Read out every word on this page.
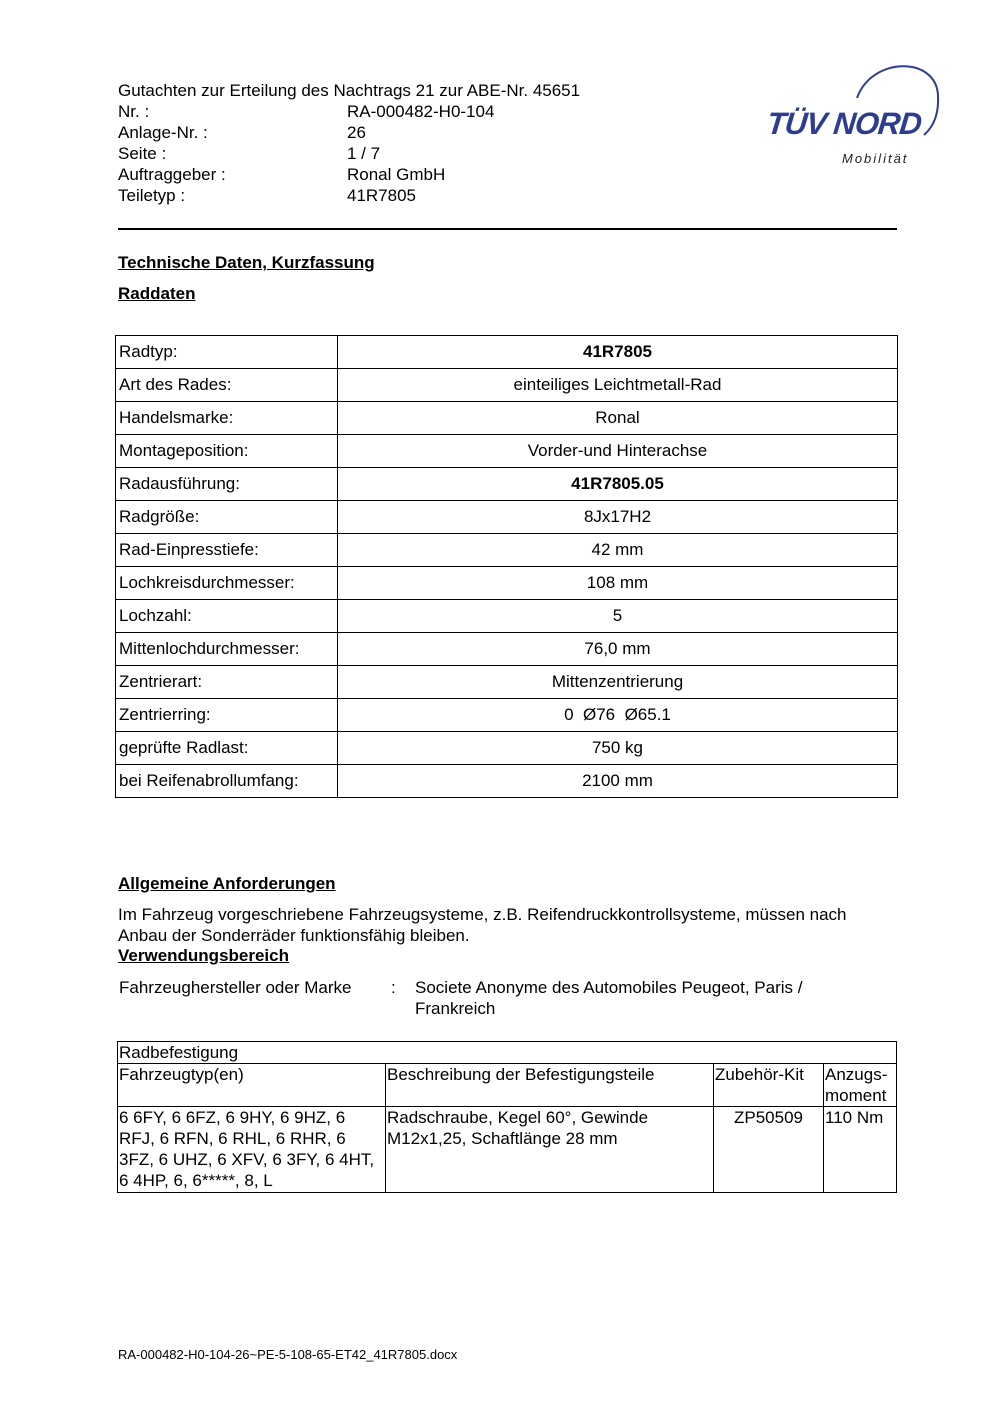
Gutachten zur Erteilung des Nachtrags 21 zur ABE-Nr. 45651
Nr. :	RA-000482-H0-104
Anlage-Nr. :	26
Seite :	1 / 7
Auftraggeber :	Ronal GmbH
Teiletyp :	41R7805
TÜV NORD
Mobilität
Technische Daten, Kurzfassung
Raddaten
Radtyp:	41R7805
Art des Rades:	einteiliges Leichtmetall-Rad
Handelsmarke:	Ronal
Montageposition:	Vorder-und Hinterachse
Radausführung:	41R7805.05
Radgröße:	8Jx17H2
Rad-Einpresstiefe:	42 mm
Lochkreisdurchmesser:	108 mm
Lochzahl:	5
Mittenlochdurchmesser:	76,0 mm
Zentrierart:	Mittenzentrierung
Zentrierring:	0  Ø76  Ø65.1
geprüfte Radlast:	750 kg
bei Reifenabrollumfang:	2100 mm
Allgemeine Anforderungen
Im Fahrzeug vorgeschriebene Fahrzeugsysteme, z.B. Reifendruckkontrollsysteme, müssen nach Anbau der Sonderräder funktionsfähig bleiben.
Verwendungsbereich
Fahrzeughersteller oder Marke	:	Societe Anonyme des Automobiles Peugeot, Paris / Frankreich
Radbefestigung			
Fahrzeugtyp(en)	Beschreibung der Befestigungsteile	Zubehör-Kit	Anzugs-moment
6 6FY, 6 6FZ, 6 9HY, 6 9HZ, 6 RFJ, 6 RFN, 6 RHL, 6 RHR, 6 3FZ, 6 UHZ, 6 XFV, 6 3FY, 6 4HT, 6 4HP, 6, 6*****, 8, L	Radschraube, Kegel 60°, Gewinde M12x1,25, Schaftlänge 28 mm	ZP50509	110 Nm
RA-000482-H0-104-26~PE-5-108-65-ET42_41R7805.docx
